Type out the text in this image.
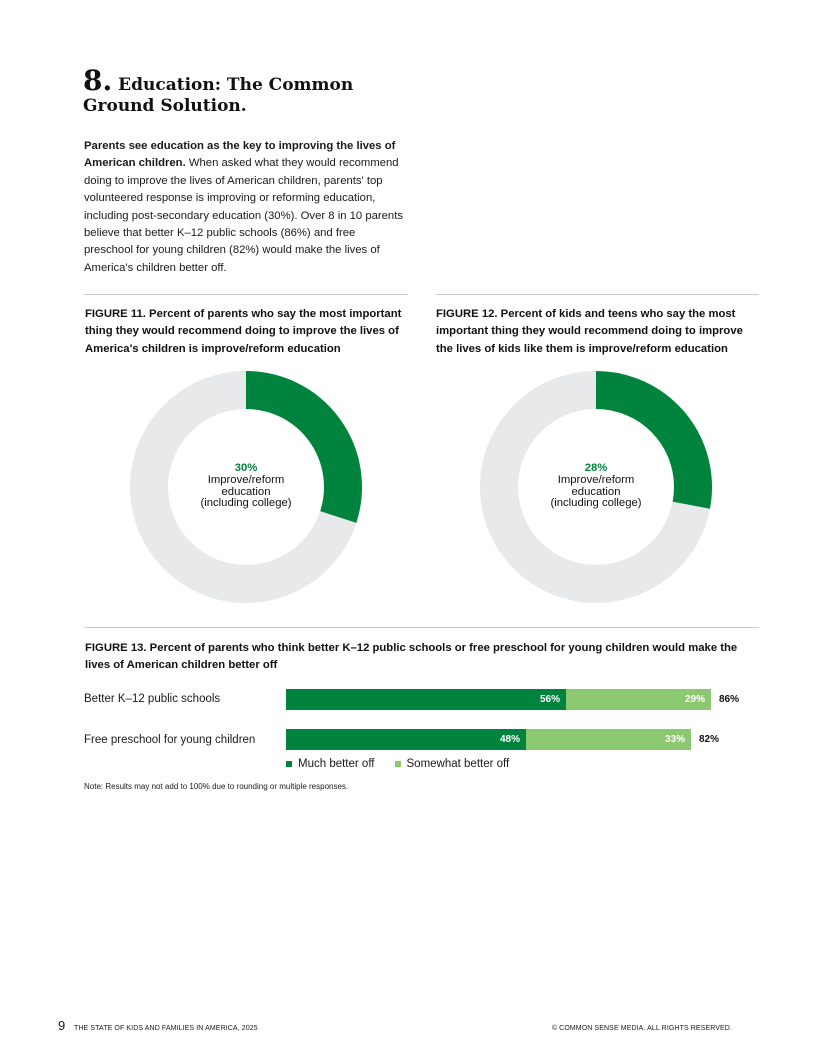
8. Education: The Common
Ground Solution.
Parents see education as the key to improving the lives of American children. When asked what they would recommend doing to improve the lives of American children, parents' top volunteered response is improving or reforming education, including post-secondary education (30%). Over 8 in 10 parents believe that better K–12 public schools (86%) and free preschool for young children (82%) would make the lives of America's children better off.
FIGURE 11. Percent of parents who say the most important thing they would recommend doing to improve the lives of America's children is improve/reform education
30%
Improve/reform
education
(including college)
FIGURE 12. Percent of kids and teens who say the most important thing they would recommend doing to improve the lives of kids like them is improve/reform education
28%
Improve/reform
education
(including college)
FIGURE 13. Percent of parents who think better K–12 public schools or free preschool for young children would make the lives of American children better off
Better K–12 public schools	56%	29% 86%
Free preschool for young children	48%	33% 82%
Much better off	Somewhat better off
Note: Results may not add to 100% due to rounding or multiple responses.
9 THE STATE OF KIDS AND FAMILIES IN AMERICA, 2025	© COMMON SENSE MEDIA. ALL RIGHTS RESERVED.
